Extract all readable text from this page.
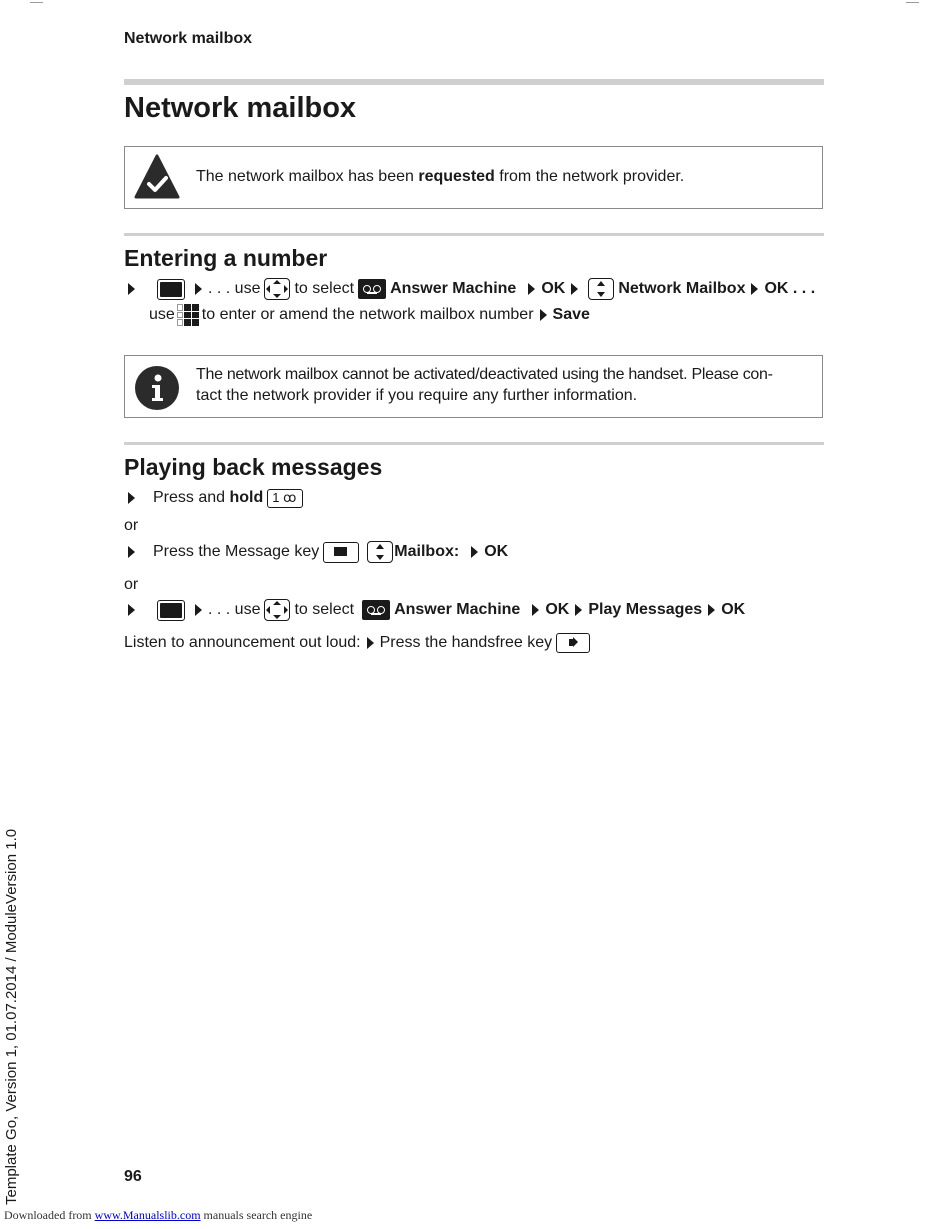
Network mailbox
Network mailbox
The network mailbox has been requested from the network provider.
Entering a number
. . . use to select Answer Machine OK	Network Mailbox OK . . .
use to enter or amend the network mailbox number Save
The network mailbox cannot be activated/deactivated using the handset. Please con-
tact the network provider if you require any further information.
Playing back messages
Press and
hold 1 ꝏ
or
Press the Message key	Mailbox: OK
or
. . . use to select	Answer Machine OK Play Messages OK
Listen to announcement out loud: Press the handsfree key
96
Template Go, Version 1, 01.07.2014 / ModuleVersion 1.0
Downloaded from www.Manualslib.com manuals search engine
